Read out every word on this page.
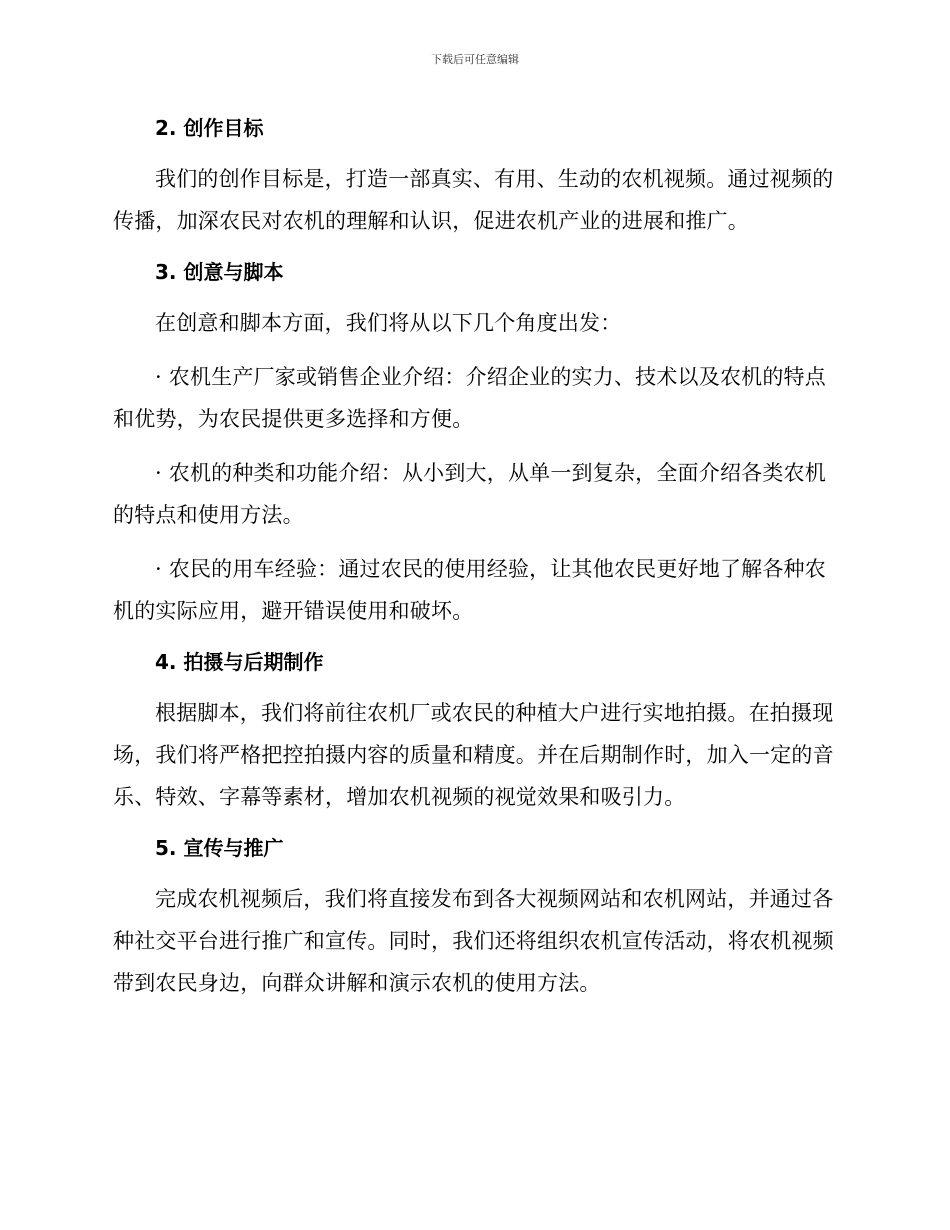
下载后可任意编辑
2. 创作目标

我们的创作目标是，打造一部真实、有用、生动的农机视频。通过视频的传播，加深农民对农机的理解和认识，促进农机产业的进展和推广。

3. 创意与脚本

在创意和脚本方面，我们将从以下几个角度出发：

· 农机生产厂家或销售企业介绍：介绍企业的实力、技术以及农机的特点和优势，为农民提供更多选择和方便。

· 农机的种类和功能介绍：从小到大，从单一到复杂，全面介绍各类农机的特点和使用方法。

· 农民的用车经验：通过农民的使用经验，让其他农民更好地了解各种农机的实际应用，避开错误使用和破坏。

4. 拍摄与后期制作

根据脚本，我们将前往农机厂或农民的种植大户进行实地拍摄。在拍摄现场，我们将严格把控拍摄内容的质量和精度。并在后期制作时，加入一定的音乐、特效、字幕等素材，增加农机视频的视觉效果和吸引力。

5. 宣传与推广

完成农机视频后，我们将直接发布到各大视频网站和农机网站，并通过各种社交平台进行推广和宣传。同时，我们还将组织农机宣传活动，将农机视频带到农民身边，向群众讲解和演示农机的使用方法。
